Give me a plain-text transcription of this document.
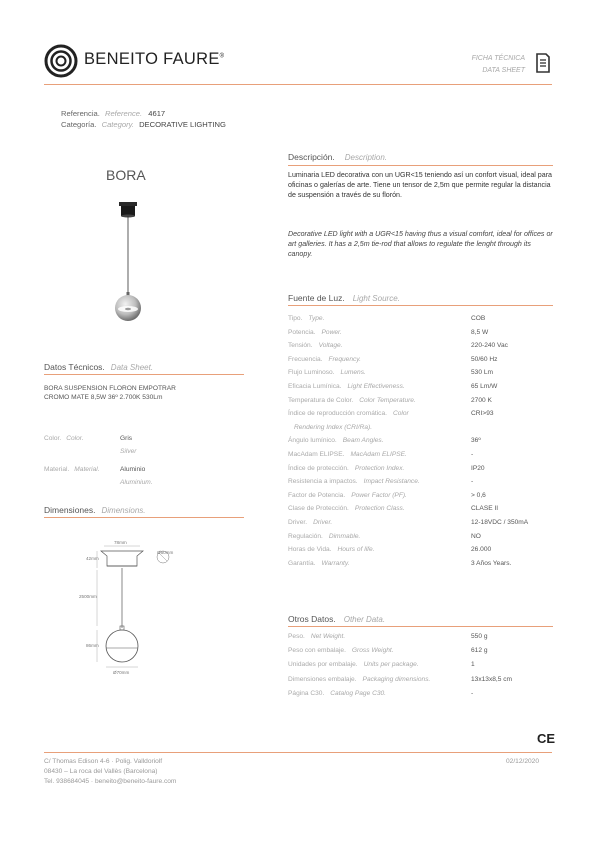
BENEITO FAURE®	FICHA TÉCNICA
DATA SHEET
Referencia. Reference. 4617
Categoría. Category. DECORATIVE LIGHTING
BORA
Descripción. Description.
Luminaria LED decorativa con un UGR<15 teniendo así un confort visual, ideal para oficinas o galerías de arte. Tiene un tensor de 2,5m que permite regular la distancia de suspensión a través de su florón.
Decorative LED light with a UGR<15 having thus a visual comfort, ideal for offices or art galleries. It has a 2,5m tie-rod that allows to regulate the lenght through its canopy.
Fuente de Luz. Light Source.
Tipo. Type.	COB
Potencia. Power.	8,5 W
Tensión. Voltage.	220-240 Vac
Frecuencia. Frequency.	50/60 Hz
Flujo Luminoso. Lumens.	530 Lm
Eficacia Lumínica. Light Effectiveness.	65 Lm/W
Temperatura de Color. Color Temperature.	2700 K
Índice de reproducción cromática. Color	CRI>93
Rendering Index (CRI/Ra).
Ángulo lumínico. Beam Angles.	36º
MacAdam ELIPSE. MacAdam ELIPSE.	-
Índice de protección. Protection Index.	IP20
Resistencia a impactos. Impact Resistance.	-
Factor de Potencia. Power Factor (PF).	> 0,6
Clase de Protección. Protection Class.	CLASE II
Driver. Driver.	12-18VDC / 350mA
Regulación. Dimmable.	NO
Horas de Vida. Hours of life.	26.000
Garantía. Warranty.	3 Años Years.
Otros Datos. Other Data.
Peso. Net Weight.	550 g
Peso con embalaje. Gross Weight.	612 g
Unidades por embalaje. Units per package.	1
Dimensiones embalaje. Packaging dimensions.	13x13x8,5 cm
Página C30. Catalog Page C30.	-
Datos Técnicos. Data Sheet.
BORA SUSPENSION FLORON EMPOTRAR
CROMO MATE 8,5W 36º 2.700K 530Lm
Color. Color.	Gris
Silver
Material. Material.	Aluminio
Aluminium.
Dimensiones. Dimensions.
78mm
Ø60mm
42mm
2500mm
86mm
Ø70mm
CE
C/ Thomas Edison 4-6 · Polig. Valldoriolf
08430 – La roca del Vallès (Barcelona)
Tel. 938684045 · beneito@beneito-faure.com
02/12/2020
